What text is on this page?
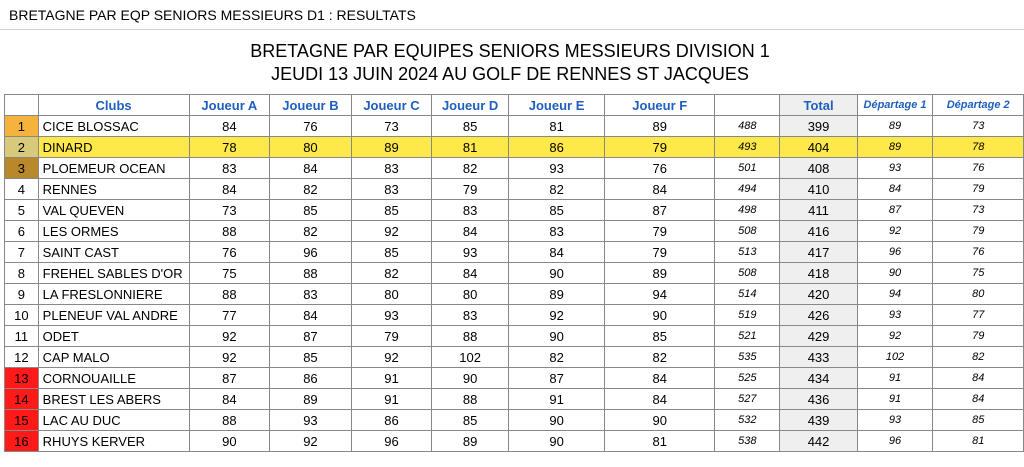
BRETAGNE PAR EQP SENIORS MESSIEURS D1 : RESULTATS
BRETAGNE PAR EQUIPES SENIORS MESSIEURS DIVISION 1
JEUDI 13 JUIN 2024 AU GOLF DE RENNES ST JACQUES
	Clubs	Joueur A	Joueur B	Joueur C	Joueur D	Joueur E	Joueur F		Total	Départage 1	Départage 2
1	CICE BLOSSAC	84	76	73	85	81	89	488	399	89	73
2	DINARD	78	80	89	81	86	79	493	404	89	78
3	PLOEMEUR OCEAN	83	84	83	82	93	76	501	408	93	76
4	RENNES	84	82	83	79	82	84	494	410	84	79
5	VAL QUEVEN	73	85	85	83	85	87	498	411	87	73
6	LES ORMES	88	82	92	84	83	79	508	416	92	79
7	SAINT CAST	76	96	85	93	84	79	513	417	96	76
8	FREHEL SABLES D'OR	75	88	82	84	90	89	508	418	90	75
9	LA FRESLONNIERE	88	83	80	80	89	94	514	420	94	80
10	PLENEUF VAL ANDRE	77	84	93	83	92	90	519	426	93	77
11	ODET	92	87	79	88	90	85	521	429	92	79
12	CAP MALO	92	85	92	102	82	82	535	433	102	82
13	CORNOUAILLE	87	86	91	90	87	84	525	434	91	84
14	BREST LES ABERS	84	89	91	88	91	84	527	436	91	84
15	LAC AU DUC	88	93	86	85	90	90	532	439	93	85
16	RHUYS KERVER	90	92	96	89	90	81	538	442	96	81
